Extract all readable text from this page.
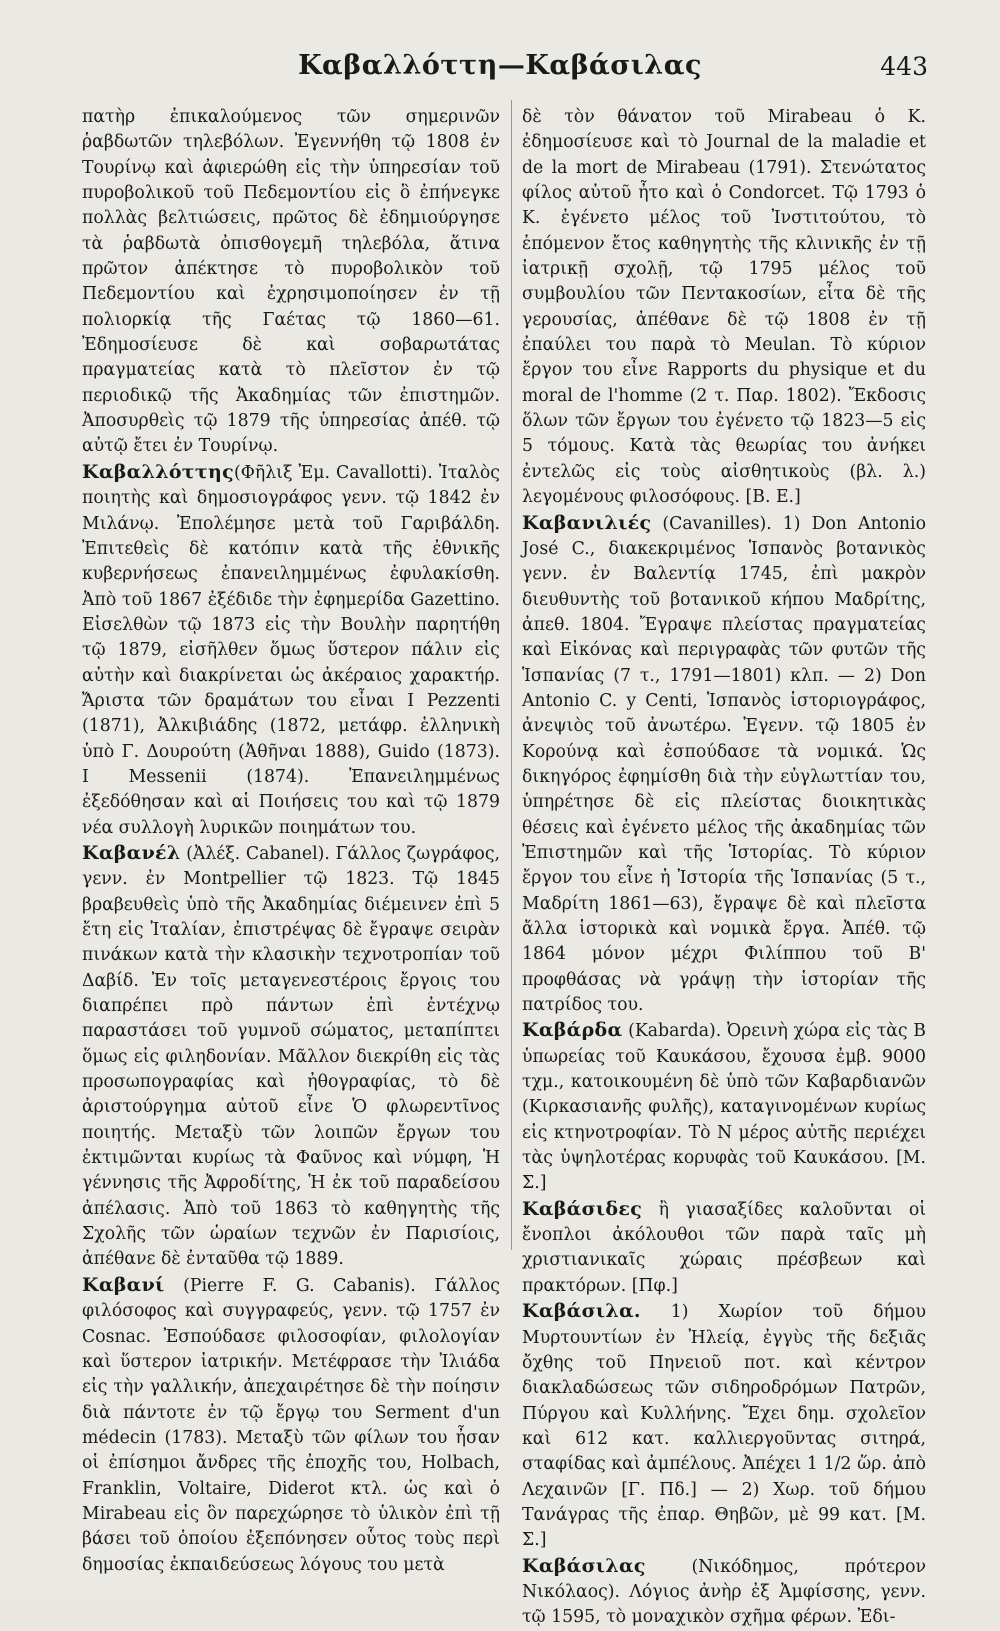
Καβαλλόττη—Καβάσιλας	443

πατὴρ ἐπικαλούμενος τῶν σημερινῶν ῥαβδωτῶν τηλεβόλων. Ἐγεννήθη τῷ 1808 ἐν Τουρίνῳ καὶ ἀφιερώθη εἰς τὴν ὑπηρεσίαν τοῦ πυροβολικοῦ τοῦ Πεδεμοντίου εἰς ὃ ἐπήνεγκε πολλὰς βελτιώσεις, πρῶτος δὲ ἐδημιούργησε τὰ ῥαβδωτὰ ὀπισθογεμῆ τηλεβόλα, ἅτινα πρῶτον ἀπέκτησε τὸ πυροβολικὸν τοῦ Πεδεμοντίου καὶ ἐχρησιμοποίησεν ἐν τῇ πολιορκίᾳ τῆς Γαέτας τῷ 1860—61. Ἐδημοσίευσε δὲ καὶ σοβαρωτάτας πραγματείας κατὰ τὸ πλεῖστον ἐν τῷ περιοδικῷ τῆς Ἀκαδημίας τῶν ἐπιστημῶν. Ἀποσυρθεὶς τῷ 1879 τῆς ὑπηρεσίας ἀπέθ. τῷ αὐτῷ ἔτει ἐν Τουρίνῳ.

Καβαλλόττης(Φῆλιξ Ἐμ. Cavallotti). Ἰταλὸς ποιητὴς καὶ δημοσιογράφος γενν. τῷ 1842 ἐν Μιλάνῳ. Ἐπολέμησε μετὰ τοῦ Γαριβάλδη. Ἐπιτεθεὶς δὲ κατόπιν κατὰ τῆς ἐθνικῆς κυβερνήσεως ἐπανειλημμένως ἐφυλακίσθη. Ἀπὸ τοῦ 1867 ἐξέδιδε τὴν ἐφημερίδα Gazettino. Εἰσελθὼν τῷ 1873 εἰς τὴν Βουλὴν παρητήθη τῷ 1879, εἰσῆλθεν ὅμως ὕστερον πάλιν εἰς αὐτὴν καὶ διακρίνεται ὡς ἀκέραιος χαρακτήρ. Ἄριστα τῶν δραμάτων του εἶναι I Pezzenti (1871), Ἀλκιβιάδης (1872, μετάφρ. ἑλληνικὴ ὑπὸ Γ. Δουρούτη (Ἀθῆναι 1888), Guido (1873). I Messenii (1874). Ἐπανειλημμένως ἐξεδόθησαν καὶ αἱ Ποιήσεις του καὶ τῷ 1879 νέα συλλογὴ λυρικῶν ποιημάτων του.

Καβανέλ (Ἀλέξ. Cabanel). Γάλλος ζωγράφος, γενν. ἐν Montpellier τῷ 1823. Τῷ 1845 βραβευθεὶς ὑπὸ τῆς Ἀκαδημίας διέμεινεν ἐπὶ 5 ἔτη εἰς Ἰταλίαν, ἐπιστρέψας δὲ ἔγραψε σειρὰν πινάκων κατὰ τὴν κλασικὴν τεχνοτροπίαν τοῦ Δαβίδ. Ἐν τοῖς μεταγενεστέροις ἔργοις του διαπρέπει πρὸ πάντων ἐπὶ ἐντέχνῳ παραστάσει τοῦ γυμνοῦ σώματος, μεταπίπτει ὅμως εἰς φιληδονίαν. Μᾶλλον διεκρίθη εἰς τὰς προσωπογραφίας καὶ ἠθογραφίας, τὸ δὲ ἀριστούργημα αὐτοῦ εἶνε Ὁ φλωρεντῖνος ποιητής. Μεταξὺ τῶν λοιπῶν ἔργων του ἐκτιμῶνται κυρίως τὰ Φαῦνος καὶ νύμφη, Ἡ γέννησις τῆς Ἀφροδίτης, Ἡ ἐκ τοῦ παραδείσου ἀπέλασις. Ἀπὸ τοῦ 1863 τὸ καθηγητὴς τῆς Σχολῆς τῶν ὡραίων τεχνῶν ἐν Παρισίοις, ἀπέθανε δὲ ἐνταῦθα τῷ 1889.

Καβανί (Pierre F. G. Cabanis). Γάλλος φιλόσοφος καὶ συγγραφεύς, γενν. τῷ 1757 ἐν Cosnac. Ἐσπούδασε φιλοσοφίαν, φιλολογίαν καὶ ὕστερον ἰατρικήν. Μετέφρασε τὴν Ἰλιάδα εἰς τὴν γαλλικήν, ἀπεχαιρέτησε δὲ τὴν ποίησιν διὰ πάντοτε ἐν τῷ ἔργῳ του Serment d'un médecin (1783). Μεταξὺ τῶν φίλων του ἦσαν οἱ ἐπίσημοι ἄνδρες τῆς ἐποχῆς του, Holbach, Franklin, Voltaire, Diderot κτλ. ὡς καὶ ὁ Mirabeau εἰς ὃν παρεχώρησε τὸ ὑλικὸν ἐπὶ τῇ βάσει τοῦ ὁποίου ἐξεπόνησεν οὗτος τοὺς περὶ δημοσίας ἐκπαιδεύσεως λόγους του μετὰ

δὲ τὸν θάνατον τοῦ Mirabeau ὁ Κ. ἐδημοσίευσε καὶ τὸ Journal de la maladie et de la mort de Mirabeau (1791). Στενώτατος φίλος αὐτοῦ ἦτο καὶ ὁ Condorcet. Τῷ 1793 ὁ Κ. ἐγένετο μέλος τοῦ Ἰνστιτούτου, τὸ ἑπόμενον ἔτος καθηγητὴς τῆς κλινικῆς ἐν τῇ ἰατρικῇ σχολῇ, τῷ 1795 μέλος τοῦ συμβουλίου τῶν Πεντακοσίων, εἶτα δὲ τῆς γερουσίας, ἀπέθανε δὲ τῷ 1808 ἐν τῇ ἐπαύλει του παρὰ τὸ Meulan. Τὸ κύριον ἔργον του εἶνε Rapports du physique et du moral de l'homme (2 τ. Παρ. 1802). Ἔκδοσις ὅλων τῶν ἔργων του ἐγένετο τῷ 1823—5 εἰς 5 τόμους. Κατὰ τὰς θεωρίας του ἀνήκει ἐντελῶς εἰς τοὺς αἰσθητικοὺς (βλ. λ.) λεγομένους φιλοσόφους. [Β. Ε.]

Καβανιλιές (Cavanilles). 1) Don Antonio José C., διακεκριμένος Ἱσπανὸς βοτανικὸς γενν. ἐν Βαλεντίᾳ 1745, ἐπὶ μακρὸν διευθυντὴς τοῦ βοτανικοῦ κήπου Μαδρίτης, ἀπεθ. 1804. Ἔγραψε πλείστας πραγματείας καὶ Εἰκόνας καὶ περιγραφὰς τῶν φυτῶν τῆς Ἱσπανίας (7 τ., 1791—1801) κλπ. — 2) Don Antonio C. y Centi, Ἱσπανὸς ἱστοριογράφος, ἀνεψιὸς τοῦ ἀνωτέρω. Ἐγενν. τῷ 1805 ἐν Κορούνᾳ καὶ ἐσπούδασε τὰ νομικά. Ὡς δικηγόρος ἐφημίσθη διὰ τὴν εὐγλωττίαν του, ὑπηρέτησε δὲ εἰς πλείστας διοικητικὰς θέσεις καὶ ἐγένετο μέλος τῆς ἀκαδημίας τῶν Ἐπιστημῶν καὶ τῆς Ἱστορίας. Τὸ κύριον ἔργον του εἶνε ἡ Ἱστορία τῆς Ἱσπανίας (5 τ., Μαδρίτη 1861—63), ἔγραψε δὲ καὶ πλεῖστα ἄλλα ἱστορικὰ καὶ νομικὰ ἔργα. Ἀπέθ. τῷ 1864 μόνον μέχρι Φιλίππου τοῦ Β' προφθάσας νὰ γράψῃ τὴν ἱστορίαν τῆς πατρίδος του.

Καβάρδα (Kabarda). Ὀρεινὴ χώρα εἰς τὰς Β ὑπωρείας τοῦ Καυκάσου, ἔχουσα ἐμβ. 9000 τχμ., κατοικουμένη δὲ ὑπὸ τῶν Καβαρδιανῶν (Κιρκασιανῆς φυλῆς), καταγινομένων κυρίως εἰς κτηνοτροφίαν. Τὸ Ν μέρος αὐτῆς περιέχει τὰς ὑψηλοτέρας κορυφὰς τοῦ Καυκάσου. [Μ. Σ.]

Καβάσιδες ἢ γιασαξίδες καλοῦνται οἱ ἔνοπλοι ἀκόλουθοι τῶν παρὰ ταῖς μὴ χριστιανικαῖς χώραις πρέσβεων καὶ πρακτόρων. [Πφ.]

Καβάσιλα. 1) Χωρίον τοῦ δήμου Μυρτουντίων ἐν Ἠλείᾳ, ἐγγὺς τῆς δεξιᾶς ὄχθης τοῦ Πηνειοῦ ποτ. καὶ κέντρον διακλαδώσεως τῶν σιδηροδρόμων Πατρῶν, Πύργου καὶ Κυλλήνης. Ἔχει δημ. σχολεῖον καὶ 612 κατ. καλλιεργοῦντας σιτηρά, σταφίδας καὶ ἀμπέλους. Ἀπέχει 1 1/2 ὥρ. ἀπὸ Λεχαινῶν [Γ. Πδ.] — 2) Χωρ. τοῦ δήμου Τανάγρας τῆς ἐπαρ. Θηβῶν, μὲ 99 κατ. [Μ. Σ.]

Καβάσιλας (Νικόδημος, πρότερον Νικόλαος). Λόγιος ἀνὴρ ἐξ Ἀμφίσσης, γενν. τῷ 1595, τὸ μοναχικὸν σχῆμα φέρων. Ἐδι-
